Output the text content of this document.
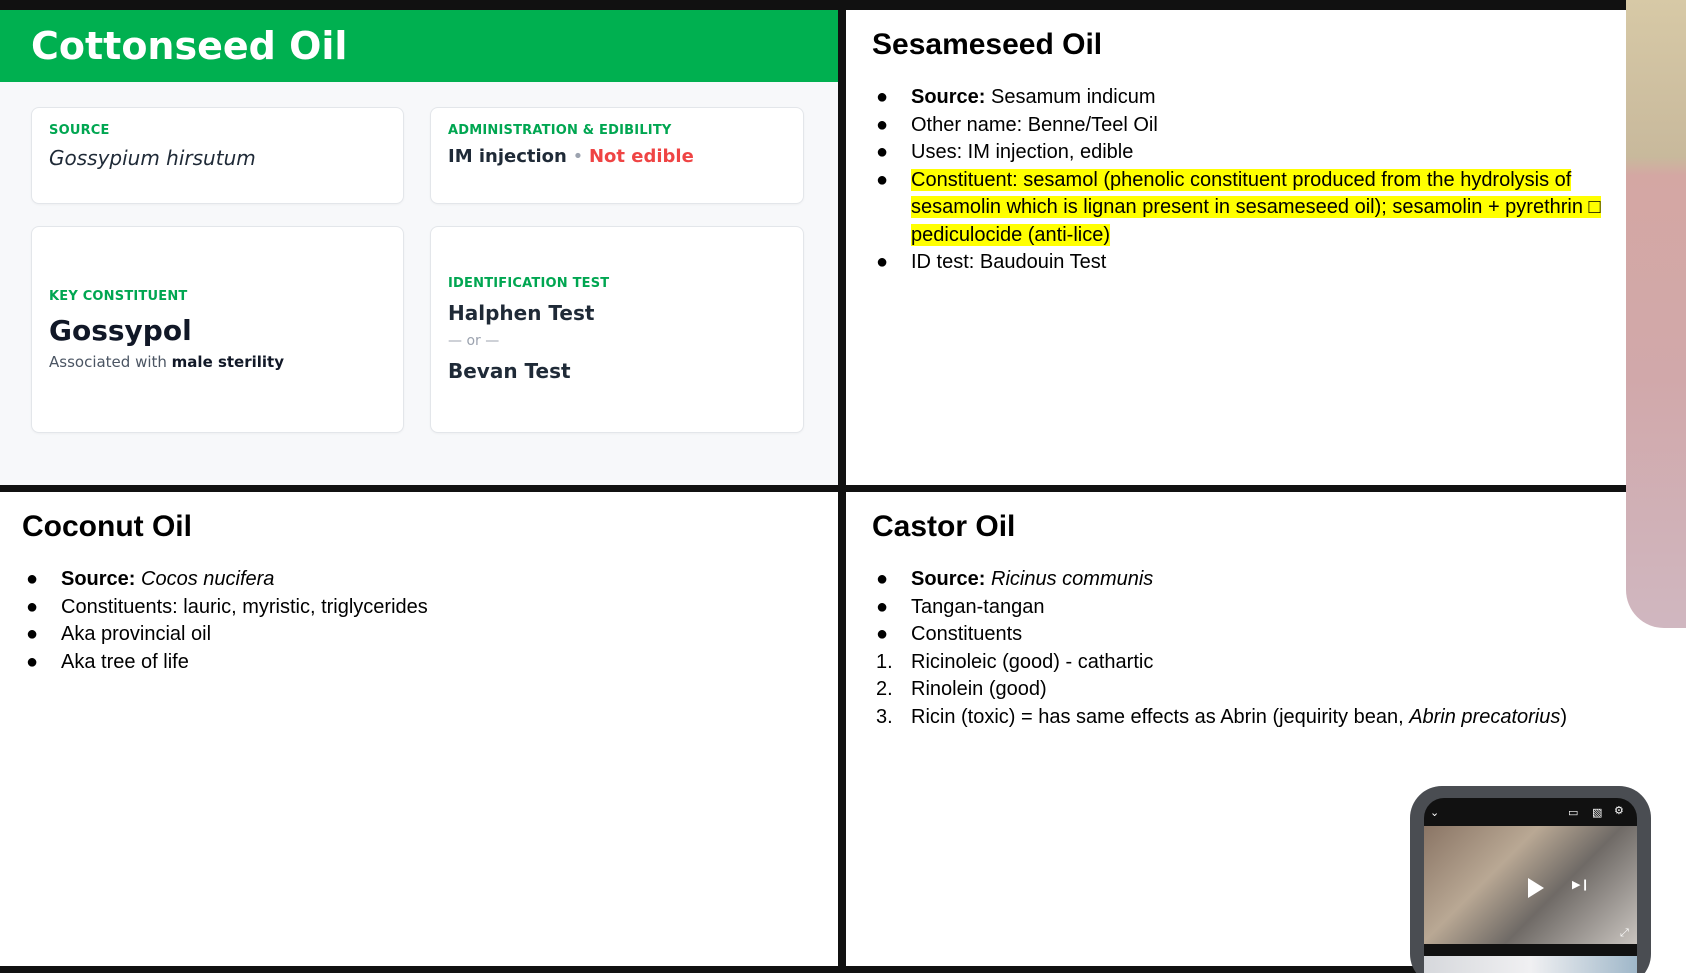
Cottonseed Oil
SOURCE
Gossypium hirsutum
ADMINISTRATION & EDIBILITY
IM injection • Not edible
KEY CONSTITUENT
Gossypol
Associated with male sterility
IDENTIFICATION TEST
Halphen Test
— or —
Bevan Test
Sesameseed Oil
●	Source: Sesamum indicum
●	Other name: Benne/Teel Oil
●	Uses: IM injection, edible
●	Constituent: sesamol (phenolic constituent produced from the hydrolysis of sesamolin which is lignan present in sesameseed oil); sesamolin + pyrethrin □ pediculocide (anti-lice)
●	ID test: Baudouin Test
Coconut Oil
●	Source: Cocos nucifera
●	Constituents: lauric, myristic, triglycerides
●	Aka provincial oil
●	Aka tree of life
Castor Oil
●	Source: Ricinus communis
●	Tangan-tangan
●	Constituents
1. Ricinoleic (good) - cathartic
2. Rinolein (good)
3. Ricin (toxic) = has same effects as Abrin (jequirity bean, Abrin precatorius)
▶❙
⤢
⌄	▭ ▧ ⚙
